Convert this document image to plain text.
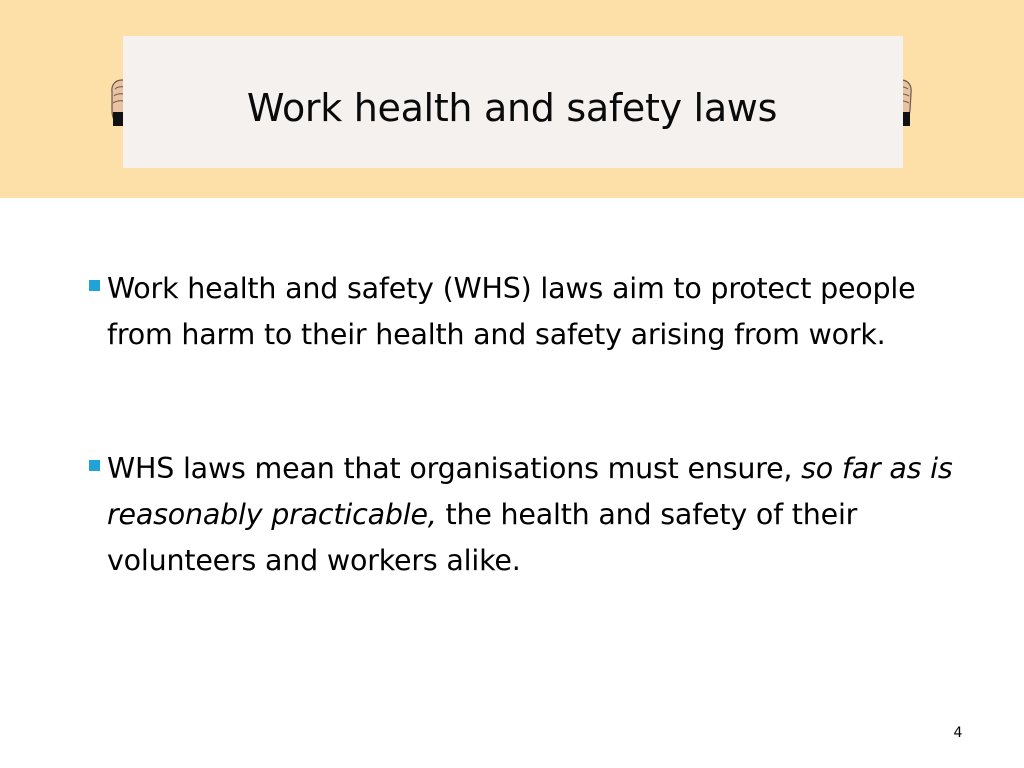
Work health and safety laws
Work health and safety (WHS) laws aim to protect people from harm to their health and safety arising from work.
WHS laws mean that organisations must ensure, so far as is reasonably practicable, the health and safety of their volunteers and workers alike.
4
